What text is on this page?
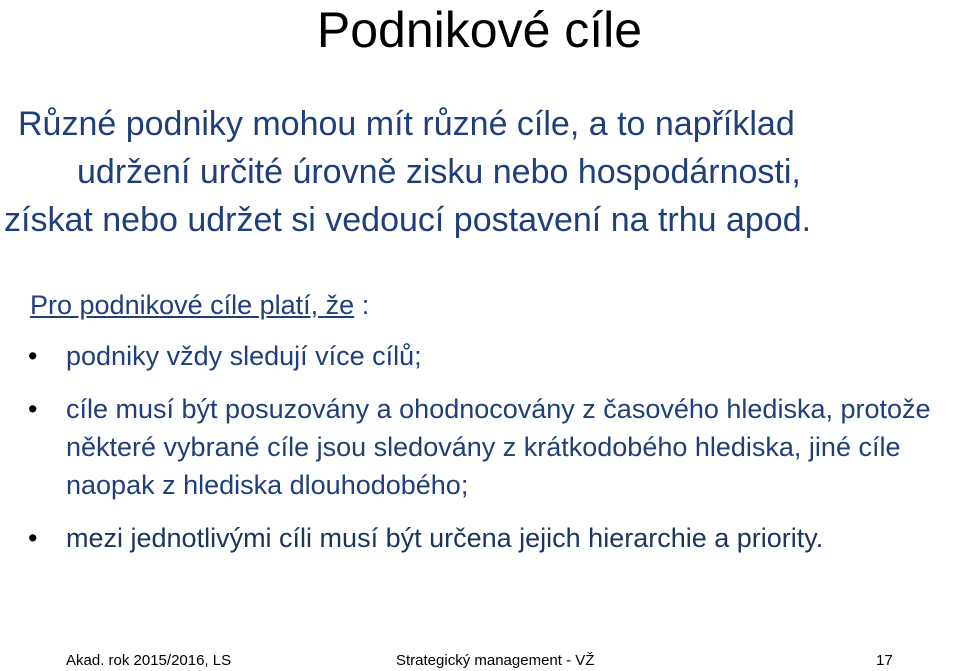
Podnikové cíle
Různé podniky mohou mít různé cíle, a to například
udržení určité úrovně zisku nebo hospodárnosti,
získat nebo udržet si vedoucí postavení na trhu apod.
Pro podnikové cíle platí, že :
• podniky vždy sledují více cílů;
• cíle musí být posuzovány a ohodnocovány z časového hlediska, protože některé vybrané cíle jsou sledovány z krátkodobého hlediska, jiné cíle naopak z hlediska dlouhodobého;
• mezi jednotlivými cíli musí být určena jejich hierarchie a priority.
Akad. rok 2015/2016, LS	Strategický management - VŽ	17
